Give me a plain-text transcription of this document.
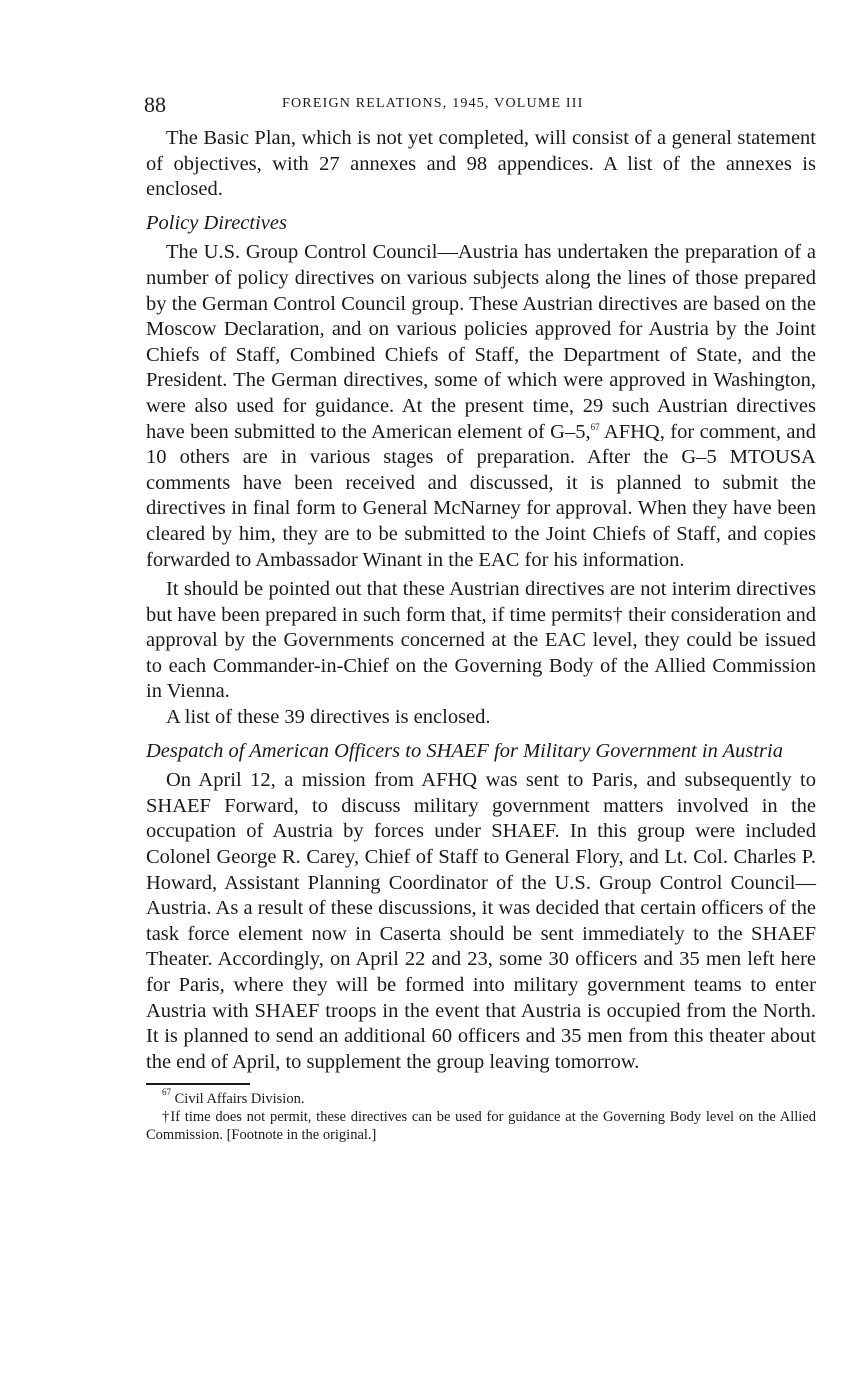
88	FOREIGN RELATIONS, 1945, VOLUME III

The Basic Plan, which is not yet completed, will consist of a general statement of objectives, with 27 annexes and 98 appendices. A list of the annexes is enclosed.

Policy Directives

The U.S. Group Control Council—Austria has undertaken the preparation of a number of policy directives on various subjects along the lines of those prepared by the German Control Council group. These Austrian directives are based on the Moscow Declaration, and on various policies approved for Austria by the Joint Chiefs of Staff, Combined Chiefs of Staff, the Department of State, and the President. The German directives, some of which were approved in Washington, were also used for guidance. At the present time, 29 such Austrian directives have been submitted to the American element of G–5,67 AFHQ, for comment, and 10 others are in various stages of preparation. After the G–5 MTOUSA comments have been received and discussed, it is planned to submit the directives in final form to General McNarney for approval. When they have been cleared by him, they are to be submitted to the Joint Chiefs of Staff, and copies forwarded to Ambassador Winant in the EAC for his information.

It should be pointed out that these Austrian directives are not interim directives but have been prepared in such form that, if time permits† their consideration and approval by the Governments concerned at the EAC level, they could be issued to each Commander-in-Chief on the Governing Body of the Allied Commission in Vienna.

A list of these 39 directives is enclosed.

Despatch of American Officers to SHAEF for Military Government in Austria

On April 12, a mission from AFHQ was sent to Paris, and subsequently to SHAEF Forward, to discuss military government matters involved in the occupation of Austria by forces under SHAEF. In this group were included Colonel George R. Carey, Chief of Staff to General Flory, and Lt. Col. Charles P. Howard, Assistant Planning Coordinator of the U.S. Group Control Council—Austria. As a result of these discussions, it was decided that certain officers of the task force element now in Caserta should be sent immediately to the SHAEF Theater. Accordingly, on April 22 and 23, some 30 officers and 35 men left here for Paris, where they will be formed into military government teams to enter Austria with SHAEF troops in the event that Austria is occupied from the North. It is planned to send an additional 60 officers and 35 men from this theater about the end of April, to supplement the group leaving tomorrow.

$^{67}$ Civil Affairs Division.

†If time does not permit, these directives can be used for guidance at the Governing Body level on the Allied Commission. [Footnote in the original.]
